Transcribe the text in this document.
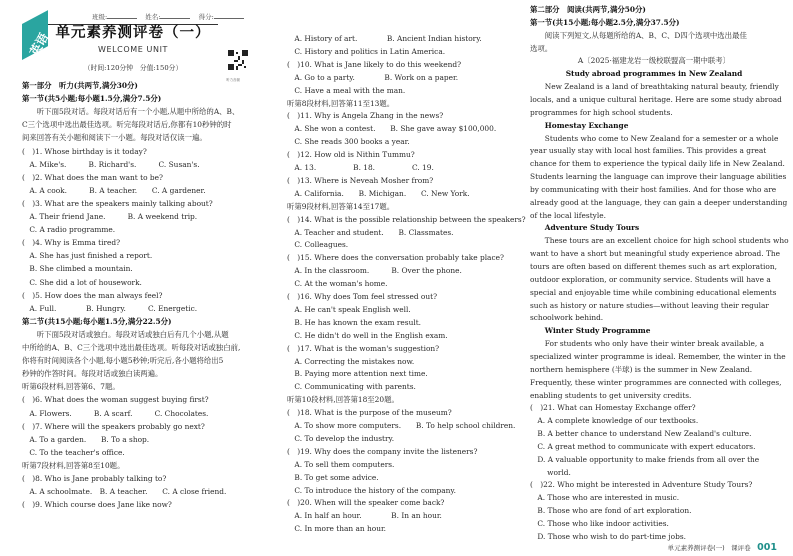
班级:	姓名:	得分:
英语 单元素养测评卷（一）
WELCOME UNIT
听力音频
（时间:120分钟　分值:150分）
第一部分　听力(共两节,满分30分)
第一节(共5小题;每小题1.5分,满分7.5分)
　　听下面5段对话。每段对话后有一个小题,从题中所给的A、B、
C三个选项中选出最佳选项。听完每段对话后,你都有10秒钟的时
间来回答有关小题和阅读下一小题。每段对话仅读一遍。
(　)1. Whose birthday is it today?
　A. Mike's.　　　B. Richard's.　　　C. Susan's.
(　)2. What does the man want to be?
　A. A cook.　　　B. A teacher.　　C. A gardener.
(　)3. What are the speakers mainly talking about?
　A. Their friend Jane.　　　B. A weekend trip.
　C. A radio programme.
(　)4. Why is Emma tired?
　A. She has just finished a report.
　B. She climbed a mountain.
　C. She did a lot of housework.
(　)5. How does the man always feel?
　A. Full.　　　　B. Hungry.　　　C. Energetic.
第二节(共15小题;每小题1.5分,满分22.5分)
　　听下面5段对话或独白。每段对话或独白后有几个小题,从题
中所给的A、B、C三个选项中选出最佳选项。听每段对话或独白前,
你将有时间阅读各个小题,每小题5秒钟;听完后,各小题将给出5
秒钟的作答时间。每段对话或独白读两遍。
听第6段材料,回答第6、7题。
(　)6. What does the woman suggest buying first?
　A. Flowers.　　　B. A scarf.　　　C. Chocolates.
(　)7. Where will the speakers probably go next?
　A. To a garden.　　B. To a shop.
　C. To the teacher's office.
听第7段材料,回答第8至10题。
(　)8. Who is Jane probably talking to?
　A. A schoolmate.　B. A teacher.　　C. A close friend.
(　)9. Which course does Jane like now?
　A. History of art.　　　　B. Ancient Indian history.
　C. History and politics in Latin America.
(　)10. What is Jane likely to do this weekend?
　A. Go to a party.　　　　B. Work on a paper.
　C. Have a meal with the man.
听第8段材料,回答第11至13题。
(　)11. Why is Angela Zhang in the news?
　A. She won a contest.　　B. She gave away $100,000.
　C. She reads 300 books a year.
(　)12. How old is Nithin Tummu?
　A. 13.　　　　　B. 18.　　　　　C. 19.
(　)13. Where is Neveah Mosher from?
　A. California.　　B. Michigan.　　C. New York.
听第9段材料,回答第14至17题。
(　)14. What is the possible relationship between the speakers?
　A. Teacher and student.　　B. Classmates.
　C. Colleagues.
(　)15. Where does the conversation probably take place?
　A. In the classroom.　　　B. Over the phone.
　C. At the woman's home.
(　)16. Why does Tom feel stressed out?
　A. He can't speak English well.
　B. He has known the exam result.
　C. He didn't do well in the English exam.
(　)17. What is the woman's suggestion?
　A. Correcting the mistakes now.
　B. Paying more attention next time.
　C. Communicating with parents.
听第10段材料,回答第18至20题。
(　)18. What is the purpose of the museum?
　A. To show more computers.　　B. To help school children.
　C. To develop the industry.
(　)19. Why does the company invite the listeners?
　A. To sell them computers.
　B. To get some advice.
　C. To introduce the history of the company.
(　)20. When will the speaker come back?
　A. In half an hour.　　　　B. In an hour.
　C. In more than an hour.
第二部分　阅读(共两节,满分50分)
第一节(共15小题;每小题2.5分,满分37.5分)
　　阅读下列短文,从每题所给的A、B、C、D四个选项中选出最佳
选项。
A〔2025·福建龙岩一级校联盟高一期中联考〕
Study abroad programmes in New Zealand
　　New Zealand is a land of breathtaking natural beauty, friendly
locals, and a unique cultural heritage. Here are some study abroad
programmes for high school students.
　　Homestay Exchange
　　Students who come to New Zealand for a semester or a whole
year usually stay with local host families. This provides a great
chance for them to experience the typical daily life in New Zealand.
Students learning the language can improve their language abilities
by communicating with their host families. And for those who are
already good at the language, they can gain a deeper understanding
of the local lifestyle.
　　Adventure Study Tours
　　These tours are an excellent choice for high school students who
want to have a short but meaningful study experience abroad. The
tours are often based on different themes such as art exploration,
outdoor exploration, or community service. Students will have a
special and enjoyable time while combining educational elements
such as history or nature studies—without leaving their regular
schoolwork behind.
　　Winter Study Programme
　　For students who only have their winter break available, a
specialized winter programme is ideal. Remember, the winter in the
northern hemisphere (半球) is the summer in New Zealand.
Frequently, these winter programmes are connected with colleges,
enabling students to get university credits.
(　)21. What can Homestay Exchange offer?
　A. A complete knowledge of our textbooks.
　B. A better chance to understand New Zealand's culture.
　C. A great method to communicate with expert educators.
　D. A valuable opportunity to make friends from all over the
　　 world.
(　)22. Who might be interested in Adventure Study Tours?
　A. Those who are interested in music.
　B. Those who are fond of art exploration.
　C. Those who like indoor activities.
　D. Those who wish to do part-time jobs.
单元素养测评卷(一)　课评卷　001
